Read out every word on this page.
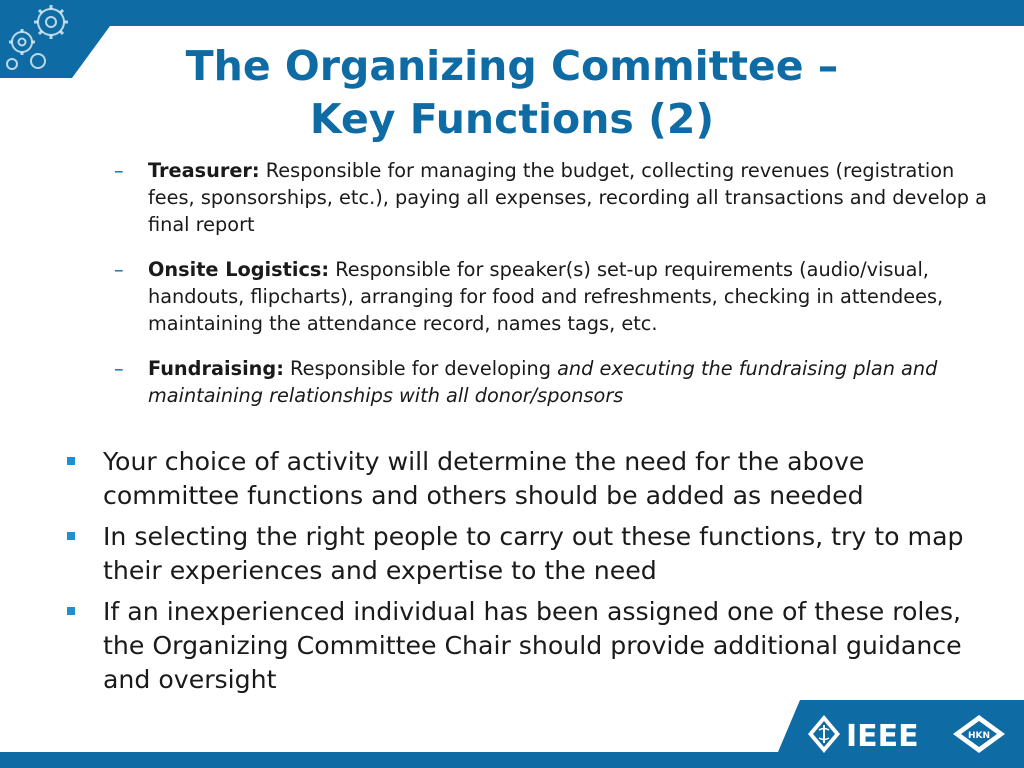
The Organizing Committee –
Key Functions (2)
– Treasurer: Responsible for managing the budget, collecting revenues (registration fees, sponsorships, etc.), paying all expenses, recording all transactions and develop a final report
– Onsite Logistics: Responsible for speaker(s) set-up requirements (audio/visual, handouts, flipcharts), arranging for food and refreshments, checking in attendees, maintaining the attendance record, names tags, etc.
– Fundraising: Responsible for developing and executing the fundraising plan and maintaining relationships with all donor/sponsors
Your choice of activity will determine the need for the above committee functions and others should be added as needed
In selecting the right people to carry out these functions, try to map their experiences and expertise to the need
If an inexperienced individual has been assigned one of these roles, the Organizing Committee Chair should provide additional guidance and oversight
IEEE	HKN
